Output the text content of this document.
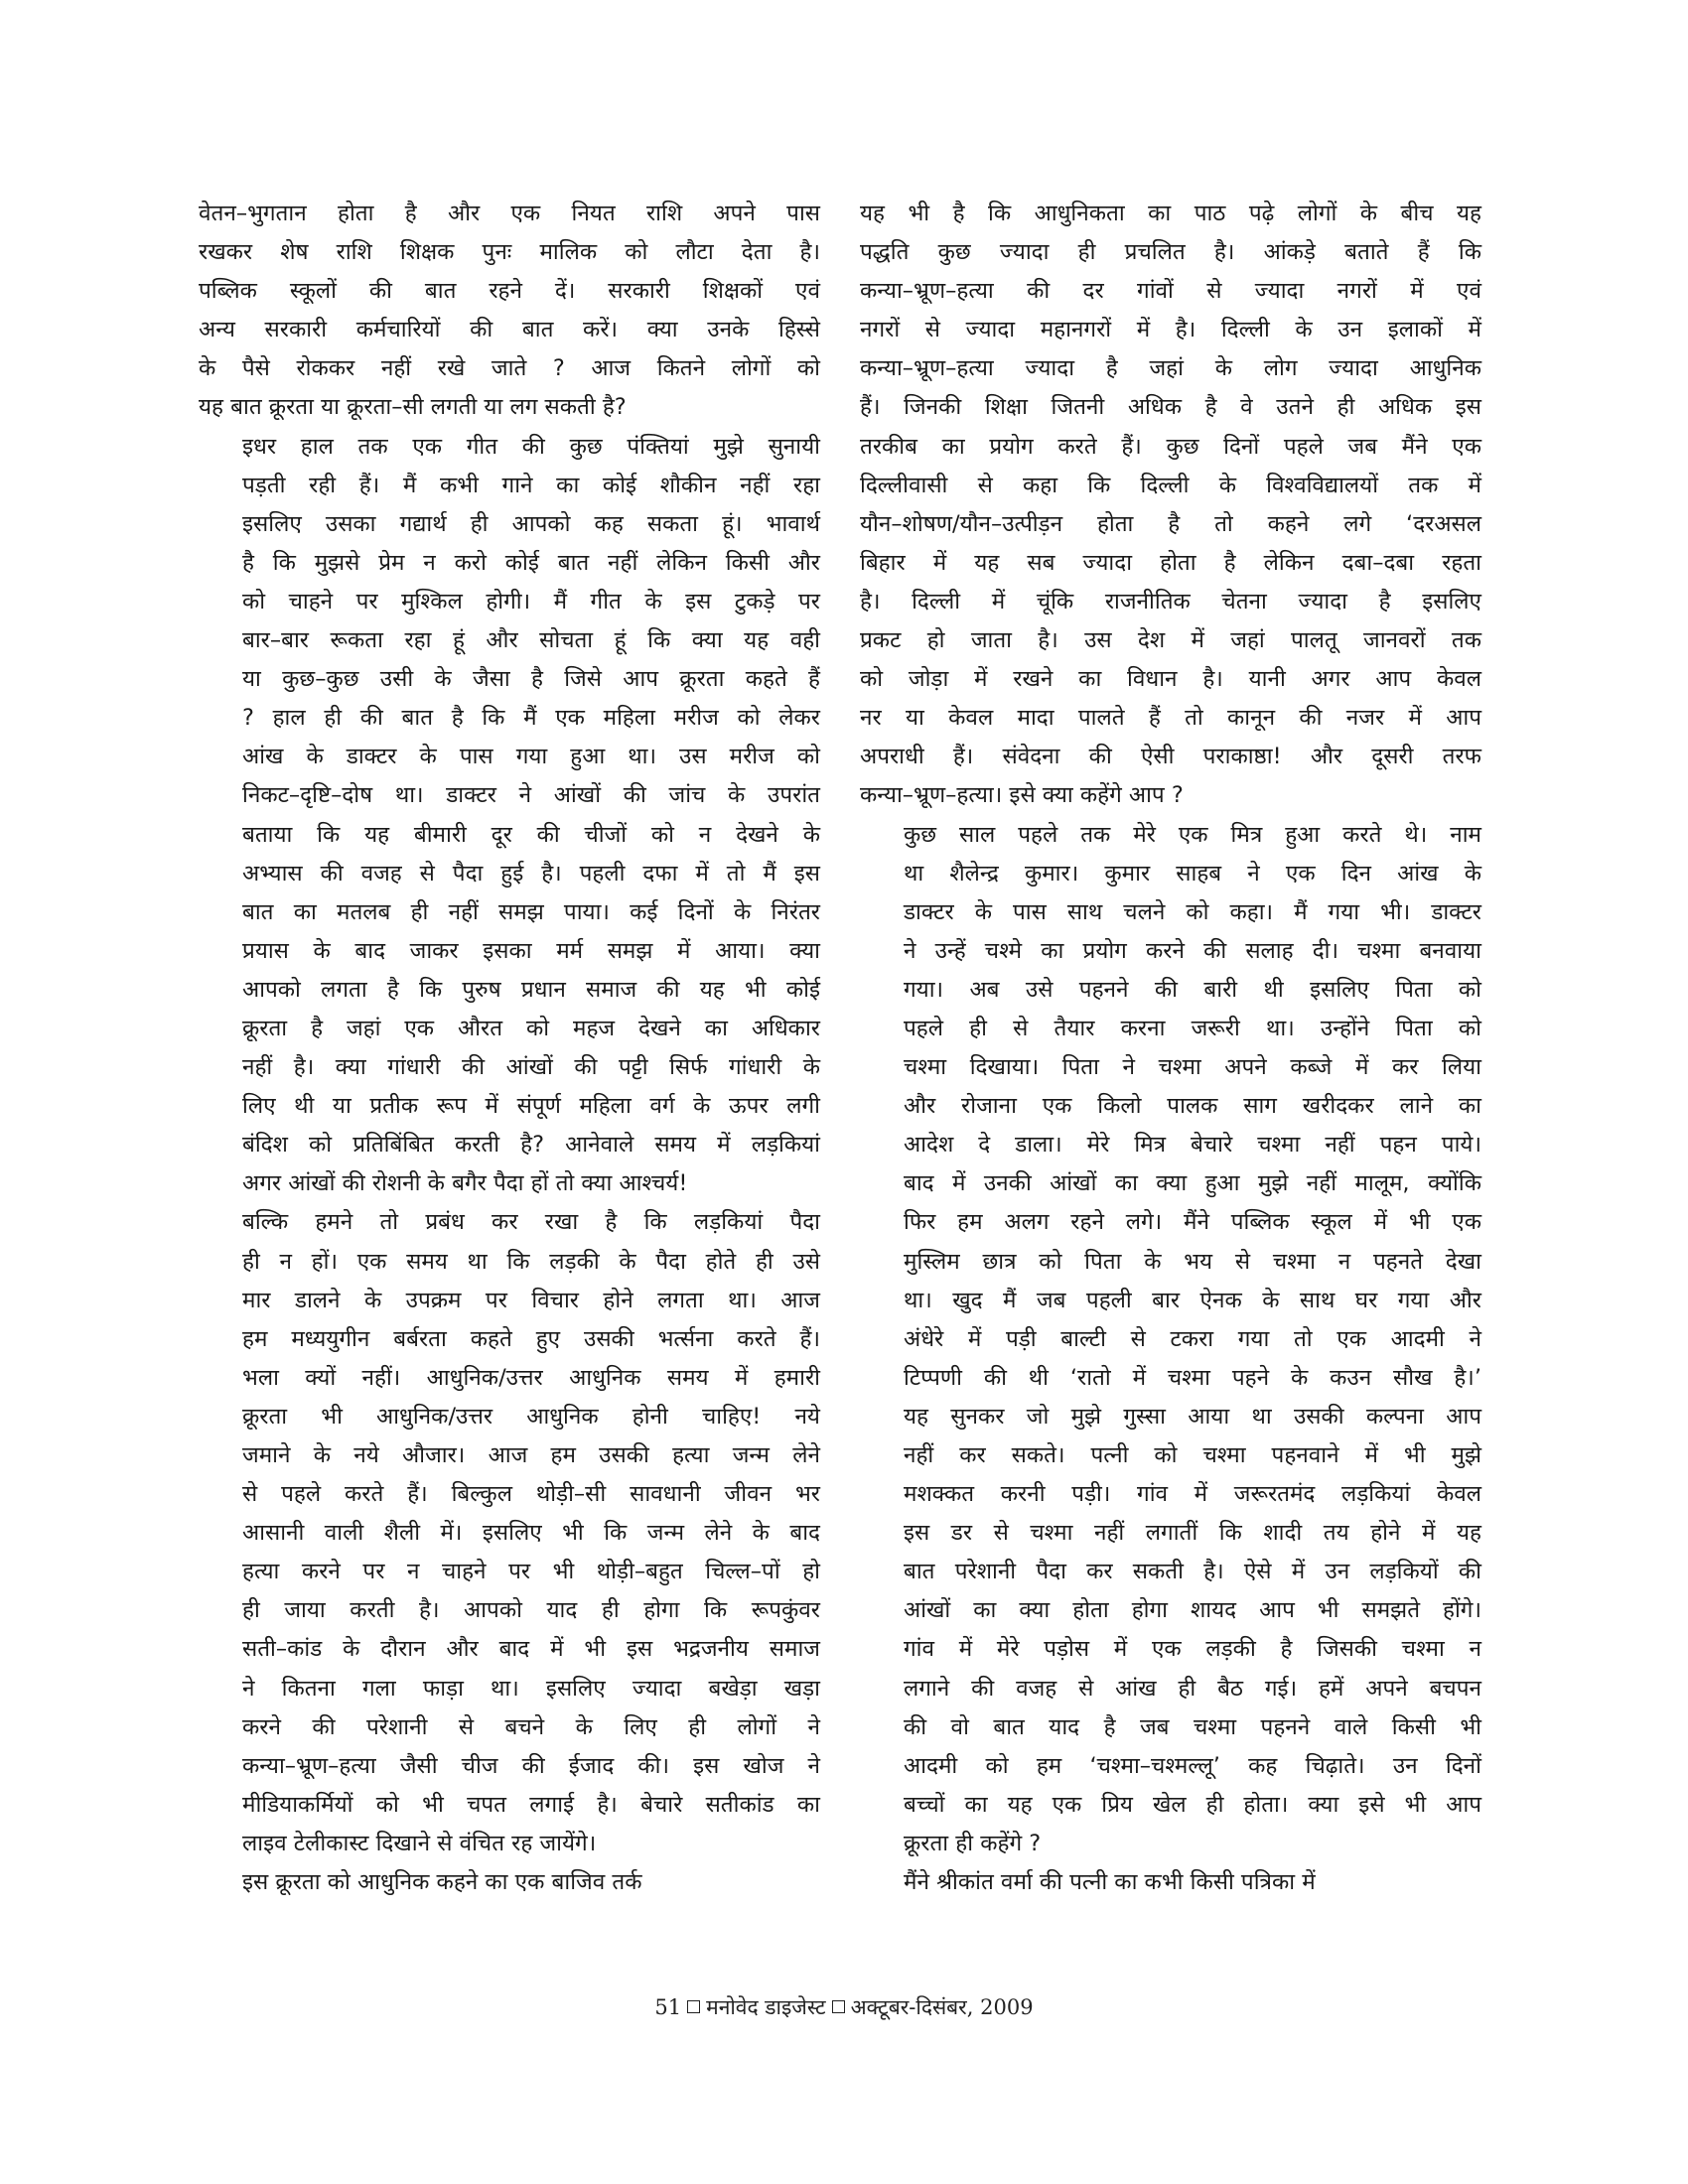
वेतन–भुगतान होता है और एक नियत राशि अपने पास
रखकर शेष राशि शिक्षक पुनः मालिक को लौटा देता है।
पब्लिक स्कूलों की बात रहने दें। सरकारी शिक्षकों एवं
अन्य सरकारी कर्मचारियों की बात करें। क्या उनके हिस्से
के पैसे रोककर नहीं रखे जाते ? आज कितने लोगों को
यह बात क्रूरता या क्रूरता–सी लगती या लग सकती है?

इधर हाल तक एक गीत की कुछ पंक्तियां मुझे सुनायी
पड़ती रही हैं। मैं कभी गाने का कोई शौकीन नहीं रहा
इसलिए उसका गद्यार्थ ही आपको कह सकता हूं। भावार्थ
है कि मुझसे प्रेम न करो कोई बात नहीं लेकिन किसी और
को चाहने पर मुश्किल होगी। मैं गीत के इस टुकड़े पर
बार–बार रूकता रहा हूं और सोचता हूं कि क्या यह वही
या कुछ–कुछ उसी के जैसा है जिसे आप क्रूरता कहते हैं
? हाल ही की बात है कि मैं एक महिला मरीज को लेकर
आंख के डाक्टर के पास गया हुआ था। उस मरीज को
निकट–दृष्टि–दोष था। डाक्टर ने आंखों की जांच के उपरांत
बताया कि यह बीमारी दूर की चीजों को न देखने के
अभ्यास की वजह से पैदा हुई है। पहली दफा में तो मैं इस
बात का मतलब ही नहीं समझ पाया। कई दिनों के निरंतर
प्रयास के बाद जाकर इसका मर्म समझ में आया। क्या
आपको लगता है कि पुरुष प्रधान समाज की यह भी कोई
क्रूरता है जहां एक औरत को महज देखने का अधिकार
नहीं है। क्या गांधारी की आंखों की पट्टी सिर्फ गांधारी के
लिए थी या प्रतीक रूप में संपूर्ण महिला वर्ग के ऊपर लगी
बंदिश को प्रतिबिंबित करती है? आनेवाले समय में लड़कियां
अगर आंखों की रोशनी के बगैर पैदा हों तो क्या आश्चर्य!

बल्कि हमने तो प्रबंध कर रखा है कि लड़कियां पैदा
ही न हों। एक समय था कि लड़की के पैदा होते ही उसे
मार डालने के उपक्रम पर विचार होने लगता था। आज
हम मध्ययुगीन बर्बरता कहते हुए उसकी भर्त्सना करते हैं।
भला क्यों नहीं। आधुनिक/उत्तर आधुनिक समय में हमारी
क्रूरता भी आधुनिक/उत्तर आधुनिक होनी चाहिए! नये
जमाने के नये औजार। आज हम उसकी हत्या जन्म लेने
से पहले करते हैं। बिल्कुल थोड़ी–सी सावधानी जीवन भर
आसानी वाली शैली में। इसलिए भी कि जन्म लेने के बाद
हत्या करने पर न चाहने पर भी थोड़ी–बहुत चिल्ल–पों हो
ही जाया करती है। आपको याद ही होगा कि रूपकुंवर
सती–कांड के दौरान और बाद में भी इस भद्रजनीय समाज
ने कितना गला फाड़ा था। इसलिए ज्यादा बखेड़ा खड़ा
करने की परेशानी से बचने के लिए ही लोगों ने
कन्या–भ्रूण–हत्या जैसी चीज की ईजाद की। इस खोज ने
मीडियाकर्मियों को भी चपत लगाई है। बेचारे सतीकांड का
लाइव टेलीकास्ट दिखाने से वंचित रह जायेंगे।

इस क्रूरता को आधुनिक कहने का एक बाजिव तर्क

यह भी है कि आधुनिकता का पाठ पढ़े लोगों के बीच यह
पद्धति कुछ ज्यादा ही प्रचलित है। आंकड़े बताते हैं कि
कन्या–भ्रूण–हत्या की दर गांवों से ज्यादा नगरों में एवं
नगरों से ज्यादा महानगरों में है। दिल्ली के उन इलाकों में
कन्या–भ्रूण–हत्या ज्यादा है जहां के लोग ज्यादा आधुनिक
हैं। जिनकी शिक्षा जितनी अधिक है वे उतने ही अधिक इस
तरकीब का प्रयोग करते हैं। कुछ दिनों पहले जब मैंने एक
दिल्लीवासी से कहा कि दिल्ली के विश्वविद्यालयों तक में
यौन–शोषण/यौन–उत्पीड़न होता है तो कहने लगे ‘दरअसल
बिहार में यह सब ज्यादा होता है लेकिन दबा–दबा रहता
है। दिल्ली में चूंकि राजनीतिक चेतना ज्यादा है इसलिए
प्रकट हो जाता है। उस देश में जहां पालतू जानवरों तक
को जोड़ा में रखने का विधान है। यानी अगर आप केवल
नर या केवल मादा पालते हैं तो कानून की नजर में आप
अपराधी हैं। संवेदना की ऐसी पराकाष्ठा! और दूसरी तरफ
कन्या–भ्रूण–हत्या। इसे क्या कहेंगे आप ?

कुछ साल पहले तक मेरे एक मित्र हुआ करते थे। नाम
था शैलेन्द्र कुमार। कुमार साहब ने एक दिन आंख के
डाक्टर के पास साथ चलने को कहा। मैं गया भी। डाक्टर
ने उन्हें चश्मे का प्रयोग करने की सलाह दी। चश्मा बनवाया
गया। अब उसे पहनने की बारी थी इसलिए पिता को
पहले ही से तैयार करना जरूरी था। उन्होंने पिता को
चश्मा दिखाया। पिता ने चश्मा अपने कब्जे में कर लिया
और रोजाना एक किलो पालक साग खरीदकर लाने का
आदेश दे डाला। मेरे मित्र बेचारे चश्मा नहीं पहन पाये।
बाद में उनकी आंखों का क्या हुआ मुझे नहीं मालूम, क्योंकि
फिर हम अलग रहने लगे। मैंने पब्लिक स्कूल में भी एक
मुस्लिम छात्र को पिता के भय से चश्मा न पहनते देखा
था। खुद मैं जब पहली बार ऐनक के साथ घर गया और
अंधेरे में पड़ी बाल्टी से टकरा गया तो एक आदमी ने
टिप्पणी की थी ‘रातो में चश्मा पहने के कउन सौख है।’
यह सुनकर जो मुझे गुस्सा आया था उसकी कल्पना आप
नहीं कर सकते। पत्नी को चश्मा पहनवाने में भी मुझे
मशक्कत करनी पड़ी। गांव में जरूरतमंद लड़कियां केवल
इस डर से चश्मा नहीं लगातीं कि शादी तय होने में यह
बात परेशानी पैदा कर सकती है। ऐसे में उन लड़कियों की
आंखों का क्या होता होगा शायद आप भी समझते होंगे।
गांव में मेरे पड़ोस में एक लड़की है जिसकी चश्मा न
लगाने की वजह से आंख ही बैठ गई। हमें अपने बचपन
की वो बात याद है जब चश्मा पहनने वाले किसी भी
आदमी को हम ‘चश्मा–चश्मल्लू’ कह चिढ़ाते। उन दिनों
बच्चों का यह एक प्रिय खेल ही होता। क्या इसे भी आप
क्रूरता ही कहेंगे ?

मैंने श्रीकांत वर्मा की पत्नी का कभी किसी पत्रिका में

51 मनोवेद डाइजेस्ट अक्टूबर-दिसंबर, 2009
